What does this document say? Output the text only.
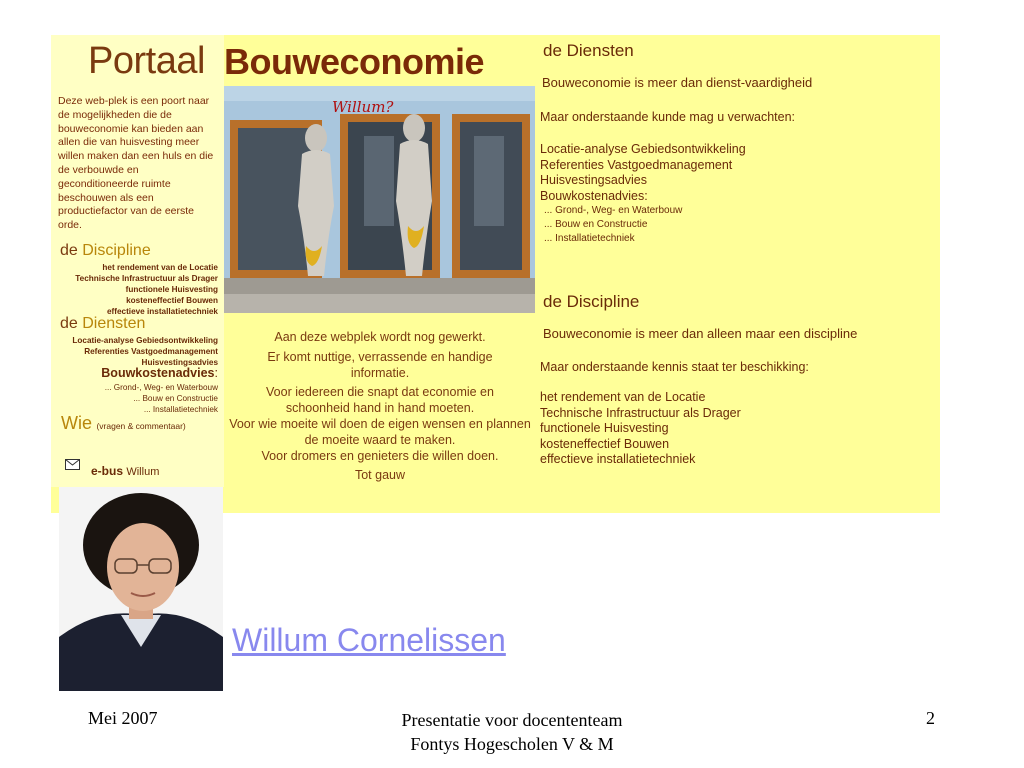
Portaal Bouweconomie
Deze web-plek is een poort naar de mogelijkheden die de bouweconomie kan bieden aan allen die van huisvesting meer willen maken dan een huls en die de verbouwde en geconditioneerde ruimte beschouwen als een productiefactor van de eerste orde.
de Discipline
het rendement van de Locatie
Technische Infrastructuur als Drager
functionele Huisvesting
kosteneffectief Bouwen
effectieve installatietechniek
de Diensten
Locatie-analyse Gebiedsontwikkeling
Referenties Vastgoedmanagement
Huisvestingsadvies
Bouwkostenadvies:
... Grond-, Weg- en Waterbouw
... Bouw en Constructie
... Installatietechniek
Wie (vragen & commentaar)
e-bus Willum
Willum?
Aan deze webplek wordt nog gewerkt.
Er komt nuttige, verrassende en handige informatie.
Voor iedereen die snapt dat economie en schoonheid hand in hand moeten.
Voor wie moeite wil doen de eigen wensen en plannen de moeite waard te maken.
Voor dromers en genieters die willen doen.
Tot gauw
de Diensten
Bouweconomie is meer dan dienst-vaardigheid
Maar onderstaande kunde mag u verwachten:
Locatie-analyse Gebiedsontwikkeling
Referenties Vastgoedmanagement
Huisvestingsadvies
Bouwkostenadvies:
... Grond-, Weg- en Waterbouw
... Bouw en Constructie
... Installatietechniek
de Discipline
Bouweconomie is meer dan alleen maar een discipline
Maar onderstaande kennis staat ter beschikking:
het rendement van de Locatie
Technische Infrastructuur als Drager
functionele Huisvesting
kosteneffectief Bouwen
effectieve installatietechniek
Willum Cornelissen
Mei 2007	Presentatie voor docententeam
Fontys Hogescholen V & M
2
